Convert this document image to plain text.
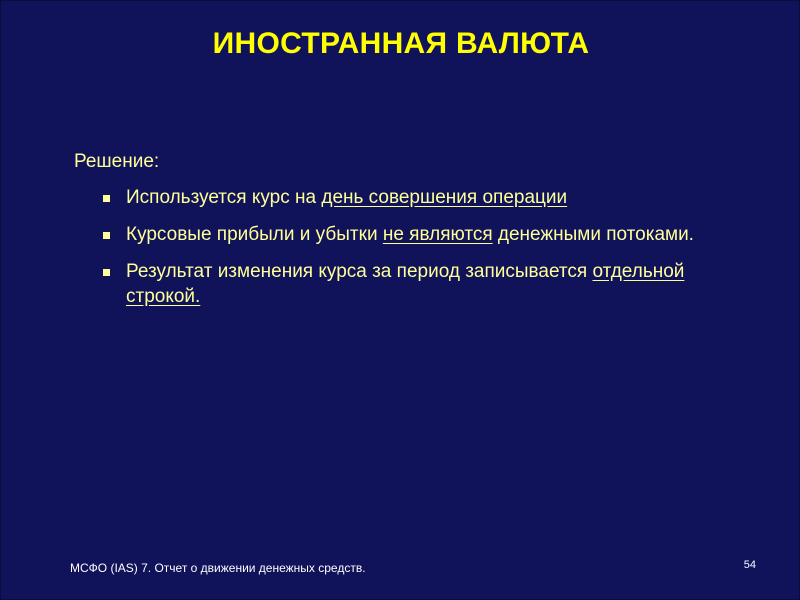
ИНОСТРАННАЯ ВАЛЮТА
Решение:
Используется курс на день совершения операции
Курсовые прибыли и убытки не являются денежными потоками.
Результат изменения курса за период записывается отдельной строкой.
МСФО (IAS) 7. Отчет о движении денежных средств.	54
